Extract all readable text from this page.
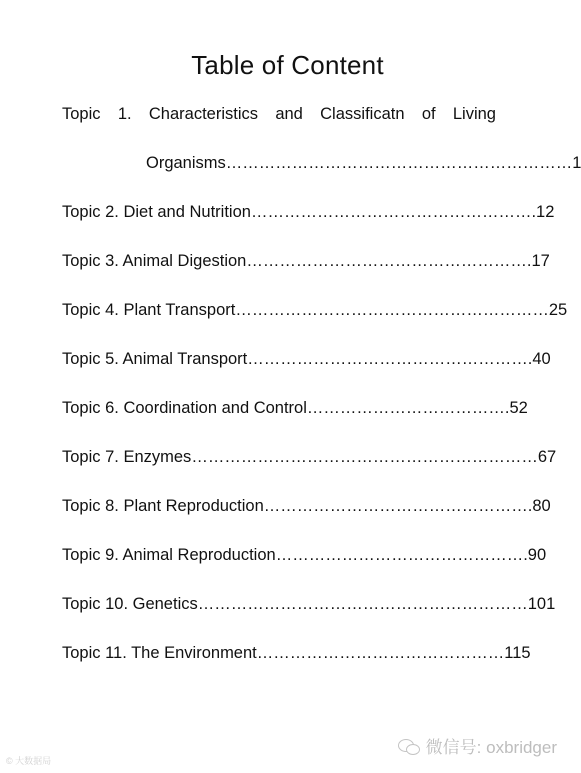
Table of Content
Topic 1. Characteristics and Classificatn of Living
Organisms………………………………………………………1
Topic 2. Diet and Nutrition…………………………………………….12
Topic 3. Animal Digestion…………………………………………….17
Topic 4. Plant Transport…………………………………………………25
Topic 5. Animal Transport…………………………………………….40
Topic 6. Coordination and Control……………………………….52
Topic 7. Enzymes………………………………………………………67
Topic 8. Plant Reproduction………………………………………….80
Topic 9. Animal Reproduction……………………………………….90
Topic 10. Genetics……………………………………………………101
Topic 11. The Environment………………………………………115
微信号: oxbridger
© 大数据局
